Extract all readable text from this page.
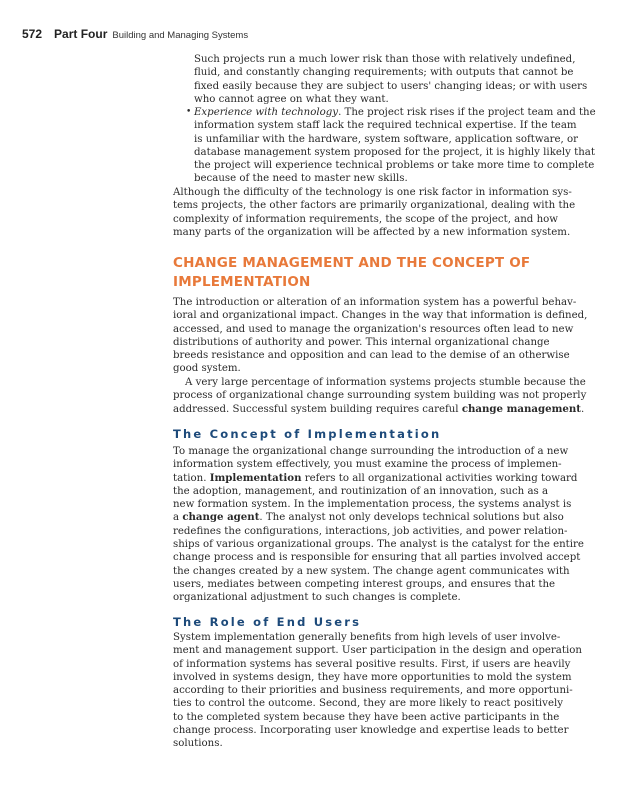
572 Part Four Building and Managing Systems
Such projects run a much lower risk than those with relatively undefined,
fluid, and constantly changing requirements; with outputs that cannot be
fixed easily because they are subject to users' changing ideas; or with users
who cannot agree on what they want.
• Experience with technology. The project risk rises if the project team and the
information system staff lack the required technical expertise. If the team
is unfamiliar with the hardware, system software, application software, or
database management system proposed for the project, it is highly likely that
the project will experience technical problems or take more time to complete
because of the need to master new skills.
Although the difficulty of the technology is one risk factor in information sys-
tems projects, the other factors are primarily organizational, dealing with the
complexity of information requirements, the scope of the project, and how
many parts of the organization will be affected by a new information system.
CHANGE MANAGEMENT AND THE CONCEPT OF IMPLEMENTATION
The introduction or alteration of an information system has a powerful behav-
ioral and organizational impact. Changes in the way that information is defined,
accessed, and used to manage the organization's resources often lead to new
distributions of authority and power. This internal organizational change
breeds resistance and opposition and can lead to the demise of an otherwise
good system.
A very large percentage of information systems projects stumble because the
process of organizational change surrounding system building was not properly
addressed. Successful system building requires careful change management.
The Concept of Implementation
To manage the organizational change surrounding the introduction of a new
information system effectively, you must examine the process of implemen-
tation. Implementation refers to all organizational activities working toward
the adoption, management, and routinization of an innovation, such as a
new formation system. In the implementation process, the systems analyst is
a change agent. The analyst not only develops technical solutions but also
redefines the configurations, interactions, job activities, and power relation-
ships of various organizational groups. The analyst is the catalyst for the entire
change process and is responsible for ensuring that all parties involved accept
the changes created by a new system. The change agent communicates with
users, mediates between competing interest groups, and ensures that the
organizational adjustment to such changes is complete.
The Role of End Users
System implementation generally benefits from high levels of user involve-
ment and management support. User participation in the design and operation
of information systems has several positive results. First, if users are heavily
involved in systems design, they have more opportunities to mold the system
according to their priorities and business requirements, and more opportuni-
ties to control the outcome. Second, they are more likely to react positively
to the completed system because they have been active participants in the
change process. Incorporating user knowledge and expertise leads to better
solutions.
